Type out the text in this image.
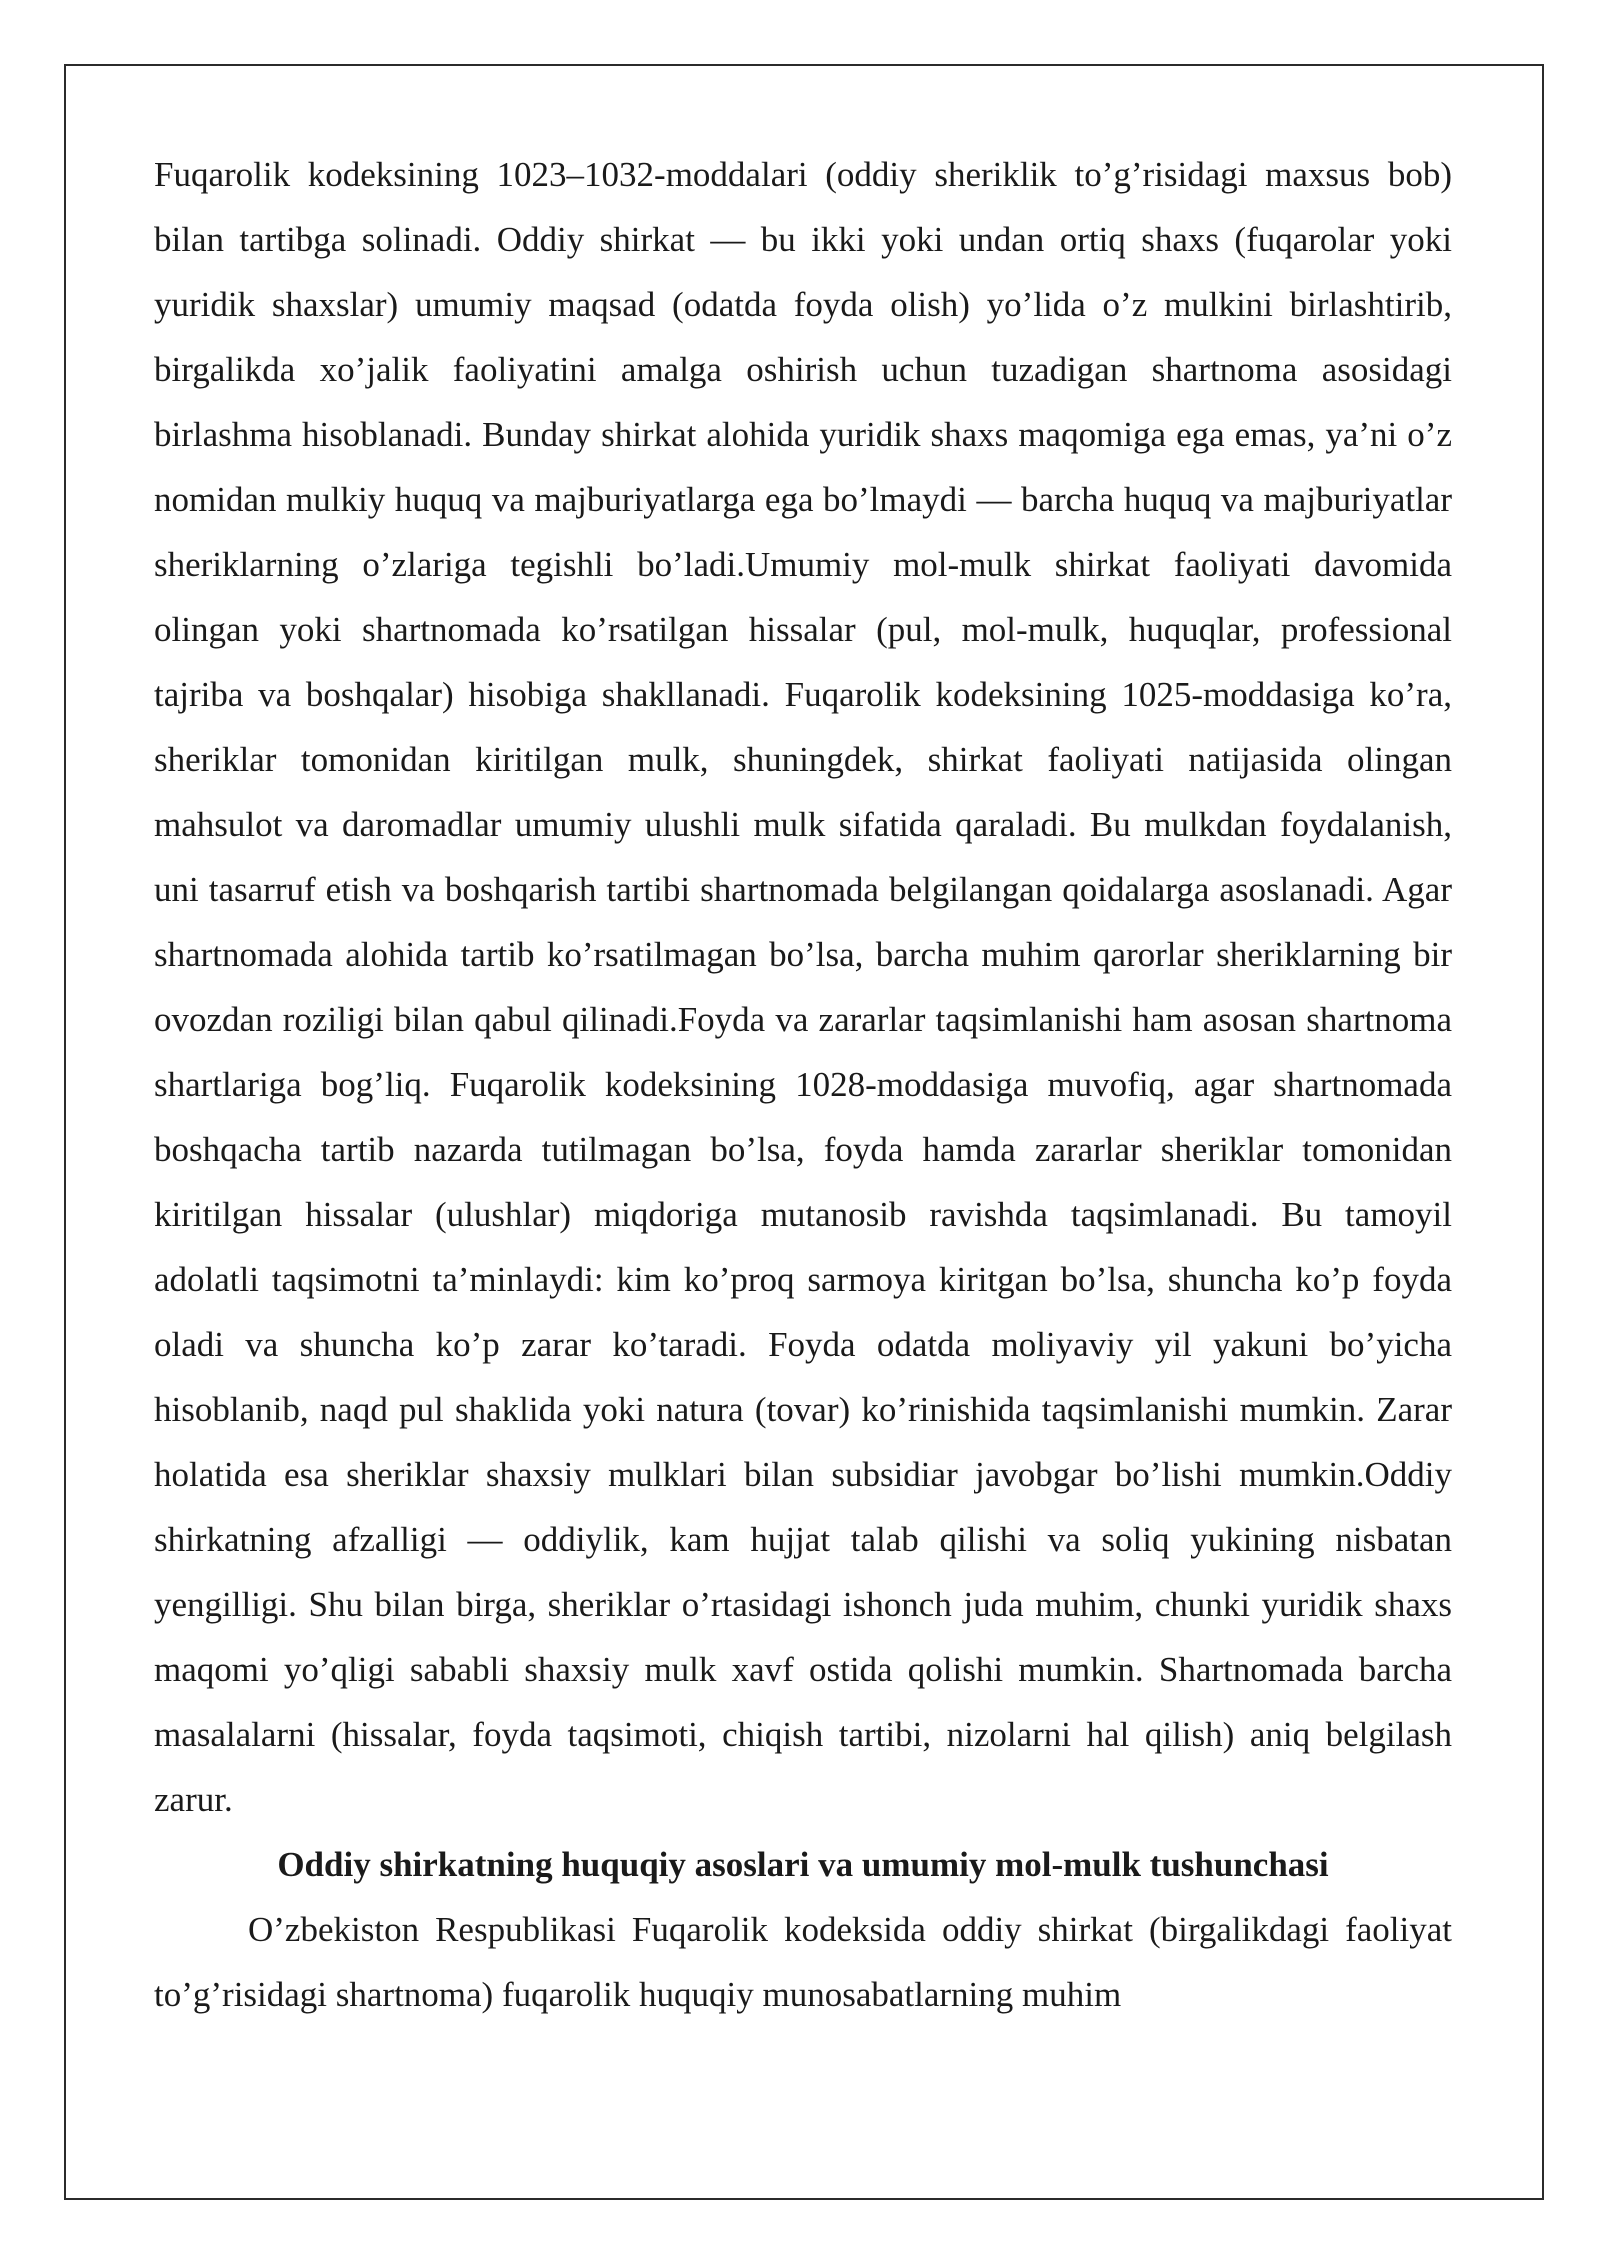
Fuqarolik kodeksining 1023–1032-moddalari (oddiy sheriklik to’g’risidagi maxsus bob) bilan tartibga solinadi. Oddiy shirkat — bu ikki yoki undan ortiq shaxs (fuqarolar yoki yuridik shaxslar) umumiy maqsad (odatda foyda olish) yo’lida o’z mulkini birlashtirib, birgalikda xo’jalik faoliyatini amalga oshirish uchun tuzadigan shartnoma asosidagi birlashma hisoblanadi. Bunday shirkat alohida yuridik shaxs maqomiga ega emas, ya’ni o’z nomidan mulkiy huquq va majburiyatlarga ega bo’lmaydi — barcha huquq va majburiyatlar sheriklarning o’zlariga tegishli bo’ladi.Umumiy mol-mulk shirkat faoliyati davomida olingan yoki shartnomada ko’rsatilgan hissalar (pul, mol-mulk, huquqlar, professional tajriba va boshqalar) hisobiga shakllanadi. Fuqarolik kodeksining 1025-moddasiga ko’ra, sheriklar tomonidan kiritilgan mulk, shuningdek, shirkat faoliyati natijasida olingan mahsulot va daromadlar umumiy ulushli mulk sifatida qaraladi. Bu mulkdan foydalanish, uni tasarruf etish va boshqarish tartibi shartnomada belgilangan qoidalarga asoslanadi. Agar shartnomada alohida tartib ko’rsatilmagan bo’lsa, barcha muhim qarorlar sheriklarning bir ovozdan roziligi bilan qabul qilinadi.Foyda va zararlar taqsimlanishi ham asosan shartnoma shartlariga bog’liq. Fuqarolik kodeksining 1028-moddasiga muvofiq, agar shartnomada boshqacha tartib nazarda tutilmagan bo’lsa, foyda hamda zararlar sheriklar tomonidan kiritilgan hissalar (ulushlar) miqdoriga mutanosib ravishda taqsimlanadi. Bu tamoyil adolatli taqsimotni ta’minlaydi: kim ko’proq sarmoya kiritgan bo’lsa, shuncha ko’p foyda oladi va shuncha ko’p zarar ko’taradi. Foyda odatda moliyaviy yil yakuni bo’yicha hisoblanib, naqd pul shaklida yoki natura (tovar) ko’rinishida taqsimlanishi mumkin. Zarar holatida esa sheriklar shaxsiy mulklari bilan subsidiar javobgar bo’lishi mumkin.Oddiy shirkatning afzalligi — oddiylik, kam hujjat talab qilishi va soliq yukining nisbatan yengilligi. Shu bilan birga, sheriklar o’rtasidagi ishonch juda muhim, chunki yuridik shaxs maqomi yo’qligi sababli shaxsiy mulk xavf ostida qolishi mumkin. Shartnomada barcha masalalarni (hissalar, foyda taqsimoti, chiqish tartibi, nizolarni hal qilish) aniq belgilash zarur.

Oddiy shirkatning huquqiy asoslari va umumiy mol-mulk tushunchasi

O’zbekiston Respublikasi Fuqarolik kodeksida oddiy shirkat (birgalikdagi faoliyat to’g’risidagi shartnoma) fuqarolik huquqiy munosabatlarning muhim
